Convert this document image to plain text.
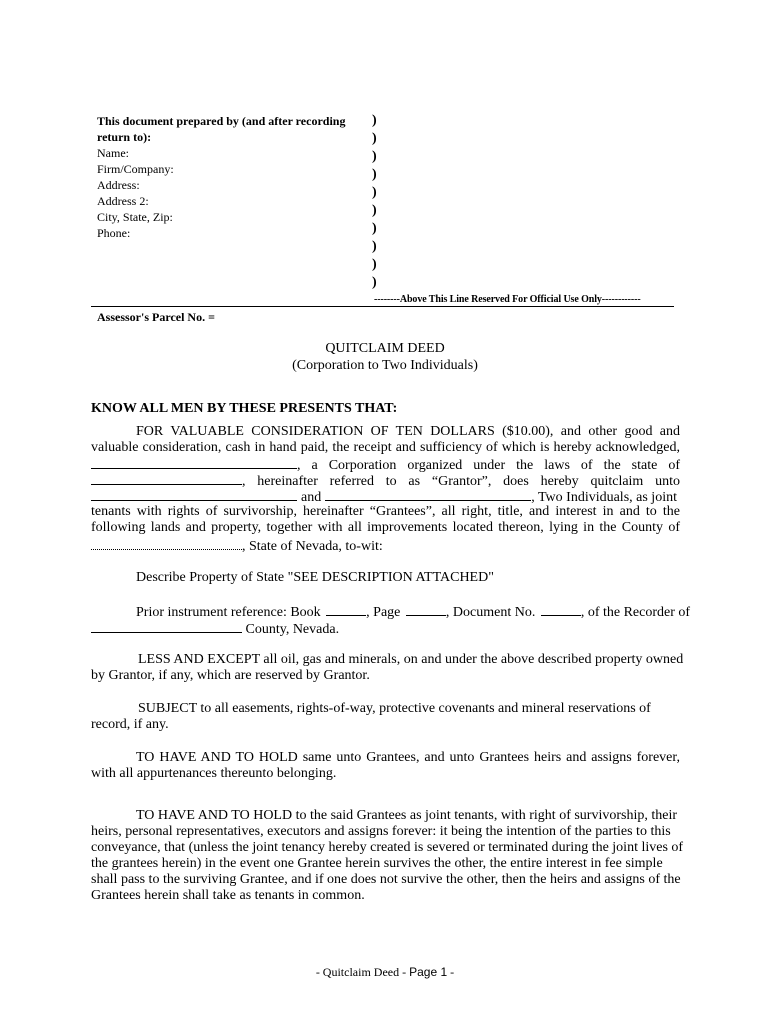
This document prepared by (and after recording
return to):
Name:
Firm/Company:
Address:
Address 2:
City, State, Zip:
Phone:
)
)
)
)
)
)
)
)
)
)
--------Above This Line Reserved For Official Use Only------------
Assessor's Parcel No. =
QUITCLAIM DEED
(Corporation to Two Individuals)
KNOW ALL MEN BY THESE PRESENTS THAT:
FOR VALUABLE CONSIDERATION OF TEN DOLLARS ($10.00), and other good and
valuable consideration, cash in hand paid, the receipt and sufficiency of which is hereby acknowledged,
, a Corporation organized under the laws of the state of
, hereinafter referred to as “Grantor”, does hereby quitclaim unto
and	, Two Individuals, as joint
tenants with rights of survivorship, hereinafter “Grantees”, all right, title, and interest in and to the
following lands and property, together with all improvements located thereon, lying in the County of
, State of Nevada, to-wit:
Describe Property of State "SEE DESCRIPTION ATTACHED"
Prior instrument reference: Book	, Page	, Document No.	, of the Recorder of
County, Nevada.
LESS AND EXCEPT all oil, gas and minerals, on and under the above described property owned
by Grantor, if any, which are reserved by Grantor.
SUBJECT to all easements, rights-of-way, protective covenants and mineral reservations of
record, if any.
TO HAVE AND TO HOLD same unto Grantees, and unto Grantees heirs and assigns forever,
with all appurtenances thereunto belonging.
TO HAVE AND TO HOLD to the said Grantees as joint tenants, with right of survivorship, their
heirs, personal representatives, executors and assigns forever: it being the intention of the parties to this
conveyance, that (unless the joint tenancy hereby created is severed or terminated during the joint lives of
the grantees herein) in the event one Grantee herein survives the other, the entire interest in fee simple
shall pass to the surviving Grantee, and if one does not survive the other, then the heirs and assigns of the
Grantees herein shall take as tenants in common.
- Quitclaim Deed - Page 1 -
